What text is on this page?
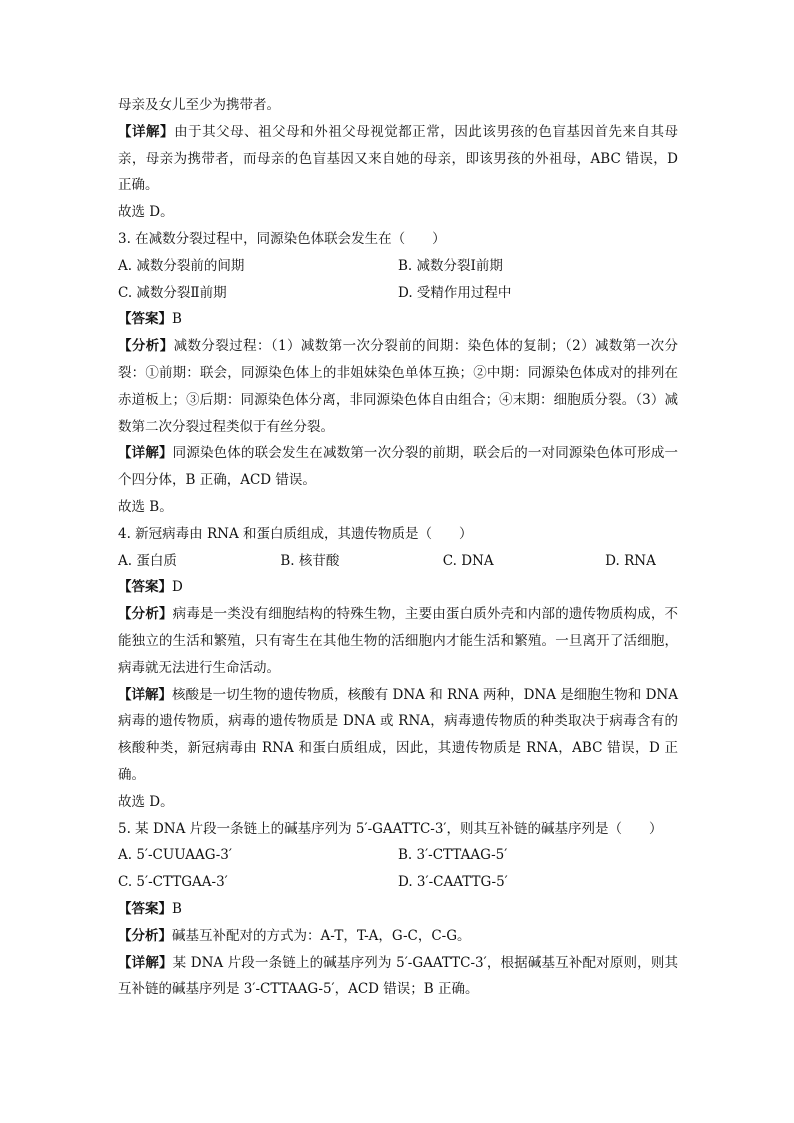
母亲及女儿至少为携带者。

【详解】由于其父母、祖父母和外祖父母视觉都正常，因此该男孩的色盲基因首先来自其母亲，母亲为携带者，而母亲的色盲基因又来自她的母亲，即该男孩的外祖母，ABC 错误，D 正确。

故选 D。

3. 在减数分裂过程中，同源染色体联会发生在（　　）

A. 减数分裂前的间期	B. 减数分裂Ⅰ前期
C. 减数分裂Ⅱ前期	D. 受精作用过程中

【答案】B

【分析】减数分裂过程：（1）减数第一次分裂前的间期：染色体的复制；（2）减数第一次分裂：①前期：联会，同源染色体上的非姐妹染色单体互换；②中期：同源染色体成对的排列在赤道板上；③后期：同源染色体分离，非同源染色体自由组合；④末期：细胞质分裂。（3）减数第二次分裂过程类似于有丝分裂。

【详解】同源染色体的联会发生在减数第一次分裂的前期，联会后的一对同源染色体可形成一个四分体，B 正确，ACD 错误。

故选 B。

4. 新冠病毒由 RNA 和蛋白质组成，其遗传物质是（　　）

A. 蛋白质	B. 核苷酸	C. DNA	D. RNA

【答案】D

【分析】病毒是一类没有细胞结构的特殊生物，主要由蛋白质外壳和内部的遗传物质构成，不能独立的生活和繁殖，只有寄生在其他生物的活细胞内才能生活和繁殖。一旦离开了活细胞，病毒就无法进行生命活动。

【详解】核酸是一切生物的遗传物质，核酸有 DNA 和 RNA 两种，DNA 是细胞生物和 DNA 病毒的遗传物质，病毒的遗传物质是 DNA 或 RNA，病毒遗传物质的种类取决于病毒含有的核酸种类，新冠病毒由 RNA 和蛋白质组成，因此，其遗传物质是 RNA，ABC 错误，D 正确。

故选 D。

5. 某 DNA 片段一条链上的碱基序列为 5′-GAATTC-3′，则其互补链的碱基序列是（　　）

A. 5′-CUUAAG-3′	B. 3′-CTTAAG-5′
C. 5′-CTTGAA-3′	D. 3′-CAATTG-5′

【答案】B

【分析】碱基互补配对的方式为：A-T，T-A，G-C，C-G。

【详解】某 DNA 片段一条链上的碱基序列为 5′-GAATTC-3′，根据碱基互补配对原则，则其互补链的碱基序列是 3′-CTTAAG-5′，ACD 错误；B 正确。
